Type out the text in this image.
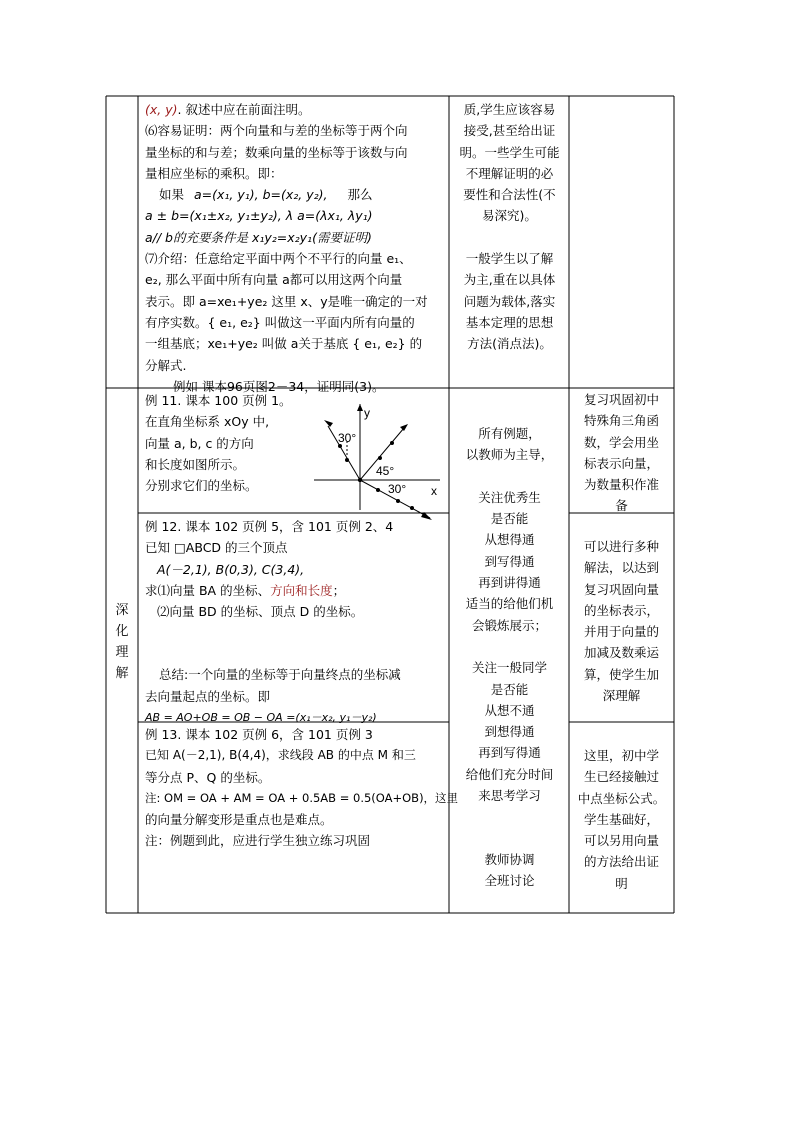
(x, y). 叙述中应在前面注明。
⑹容易证明：两个向量和与差的坐标等于两个向
量坐标的和与差；数乘向量的坐标等于该数与向
量相应坐标的乘积。即：
如果 a=(x₁, y₁), b=(x₂, y₂), 那么
a ± b=(x₁±x₂, y₁±y₂), λ a=(λx₁, λy₁)
a// b的充要条件是 x₁y₂=x₂y₁(需要证明)
⑺介绍：任意给定平面中两个不平行的向量 e₁、
e₂, 那么平面中所有向量 a都可以用这两个向量
表示。即 a=xe₁+ye₂ 这里 x、y是唯一确定的一对
有序实数。{ e₁, e₂} 叫做这一平面内所有向量的
一组基底；xe₁+ye₂ 叫做 a关于基底 { e₁, e₂} 的
分解式.
例如 课本96页图2－34，证明同(3)。
质,学生应该容易
接受,甚至给出证
明。一些学生可能
不理解证明的必
要性和合法性(不
易深究)。
一般学生以了解
为主,重在以具体
问题为载体,落实
基本定理的思想
方法(消点法)。
深
化
理
解
例 11. 课本 100 页例 1。
在直角坐标系 xOy 中,
向量 a, b, c 的方向
和长度如图所示。
分别求它们的坐标。
y
x
30°
45°
30°
复习巩固初中
特殊角三角函
数，学会用坐
标表示向量，
为数量积作准
备
例 12. 课本 102 页例 5，含 101 页例 2、4
已知 □ABCD 的三个顶点
A(－2,1), B(0,3), C(3,4),
求⑴向量 BA 的坐标、方向和长度；
⑵向量 BD 的坐标、顶点 D 的坐标。
总结:一个向量的坐标等于向量终点的坐标减
去向量起点的坐标。即
AB = AO+OB = OB − OA =(x₁－x₂, y₁－y₂)
可以进行多种
解法，以达到
复习巩固向量
的坐标表示，
并用于向量的
加减及数乘运
算，使学生加
深理解
例 13. 课本 102 页例 6，含 101 页例 3
已知 A(－2,1), B(4,4)，求线段 AB 的中点 M 和三
等分点 P、Q 的坐标。
注: OM = OA + AM = OA + 0.5AB = 0.5(OA+OB)，这里
的向量分解变形是重点也是难点。
注：例题到此，应进行学生独立练习巩固
这里，初中学
生已经接触过
中点坐标公式。
学生基础好，
可以另用向量
的方法给出证
明
所有例题，
以教师为主导，
关注优秀生
是否能
从想得通
到写得通
再到讲得通
适当的给他们机
会锻炼展示；
关注一般同学
是否能
从想不通
到想得通
再到写得通
给他们充分时间
来思考学习
教师协调
全班讨论
